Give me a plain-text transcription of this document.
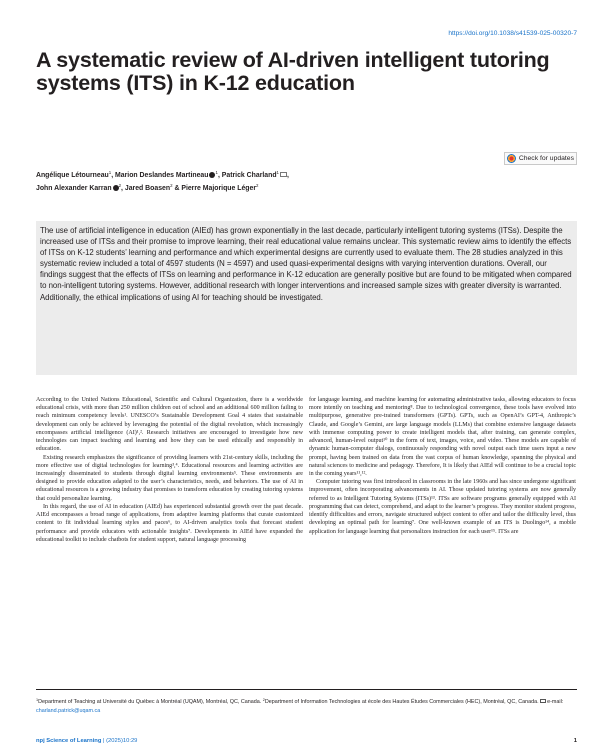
https://doi.org/10.1038/s41539-025-00320-7
A systematic review of AI-driven intelligent tutoring systems (ITS) in K-12 education
Check for updates
Angélique Létourneau$^1$, Marion Deslandes Martineau $^1$, Patrick Charland$^1$ ,
John Alexander Karran $^2$, Jared Boasen$^2$ & Pierre Majorique Léger$^2$

The use of artificial intelligence in education (AIEd) has grown exponentially in the last decade, particularly intelligent tutoring systems (ITSs). Despite the increased use of ITSs and their promise to improve learning, their real educational value remains unclear. This systematic review aims to identify the effects of ITSs on K-12 students’ learning and performance and which experimental designs are currently used to evaluate them. The 28 studies analyzed in this systematic review included a total of 4597 students (N = 4597) and used quasi-experimental designs with varying intervention durations. Overall, our findings suggest that the effects of ITSs on learning and performance in K-12 education are generally positive but are found to be mitigated when compared to non-intelligent tutoring systems. However, additional research with longer interventions and increased sample sizes with greater diversity is warranted. Additionally, the ethical implications of using AI for teaching should be investigated.

According to the United Nations Educational, Scientific and Cultural Organization, there is a worldwide educational crisis, with more than 250 million children out of school and an additional 600 million failing to reach minimum competency levels¹. UNESCO’s Sustainable Development Goal 4 states that sustainable development can only be achieved by leveraging the potential of the digital revolution, which increasingly encompasses artificial intelligence (AI)¹,². Research initiatives are encouraged to investigate how new technologies can impact teaching and learning and how they can be used ethically and responsibly in education.

Existing research emphasizes the significance of providing learners with 21st-century skills, including the more effective use of digital technologies for learning³,⁴. Educational resources and learning activities are increasingly disseminated to students through digital learning environments⁵. These environments are designed to provide education adapted to the user’s characteristics, needs, and behaviors. The use of AI in educational resources is a growing industry that promises to transform education by creating tutoring systems that could personalize learning.

In this regard, the use of AI in education (AIEd) has experienced substantial growth over the past decade. AIEd encompasses a broad range of applications, from adaptive learning platforms that curate customized content to fit individual learning styles and paces⁶, to AI-driven analytics tools that forecast student performance and provide educators with actionable insights⁷. Developments in AIEd have expanded the educational toolkit to include chatbots for student support, natural language processing

for language learning, and machine learning for automating administrative tasks, allowing educators to focus more intently on teaching and mentoring⁸. Due to technological convergence, these tools have evolved into multipurpose, generative pre-trained transformers (GPTs). GPTs, such as OpenAI’s GPT-4, Anthropic’s Claude, and Google’s Gemini, are large language models (LLMs) that combine extensive language datasets with immense computing power to create intelligent models that, after training, can generate complex, advanced, human-level output¹⁰ in the form of text, images, voice, and video. These models are capable of dynamic human-computer dialogs, continuously responding with novel output each time users input a new prompt, having been trained on data from the vast corpus of human knowledge, spanning the physical and natural sciences to medicine and pedagogy. Therefore, It is likely that AIEd will continue to be a crucial topic in the coming years¹¹,¹².

Computer tutoring was first introduced in classrooms in the late 1960s and has since undergone significant improvement, often incorporating advancements in AI. Those updated tutoring systems are now generally referred to as Intelligent Tutoring Systems (ITSs)¹³. ITSs are software programs generally equipped with AI programming that can detect, comprehend, and adapt to the learner’s progress. They monitor student progress, identify difficulties and errors, navigate structured subject content to offer and tailor the difficulty level, thus developing an optimal path for learning⁷. One well-known example of an ITS is Duolingo¹⁴, a mobile application for language learning that personalizes instruction for each user¹⁵. ITSs are

$^1$Department of Teaching at Université du Québec à Montréal (UQAM), Montréal, QC, Canada. $^2$Department of Information Technologies at école des Hautes Études Commerciales (HEC), Montréal, QC, Canada. e-mail: charland.patrick@uqam.ca
npj Science of Learning | (2025)10:29	1
